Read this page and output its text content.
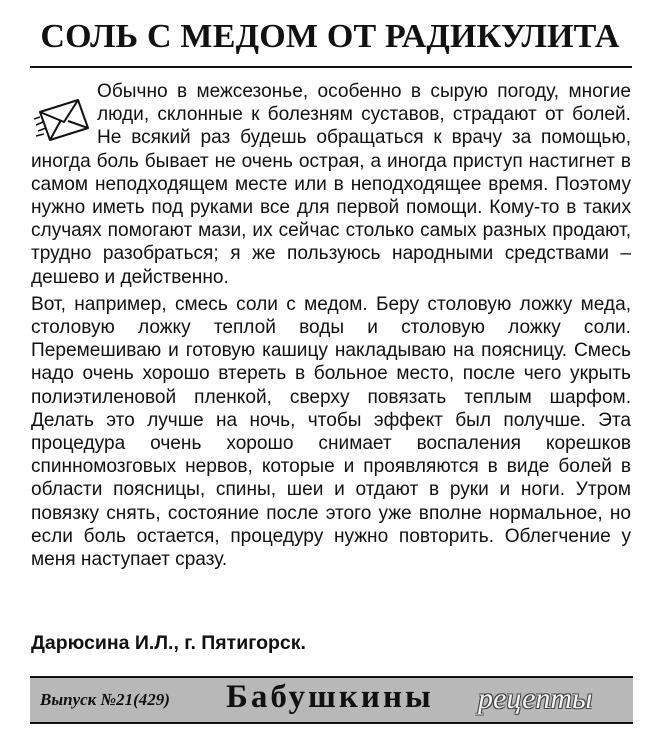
СОЛЬ С МЕДОМ ОТ РАДИКУЛИТА

Обычно в межсезонье, особенно в сырую погоду, многие люди, склонные к болезням суставов, страдают от болей. Не всякий раз будешь обращаться к врачу за помощью, иногда боль бывает не очень острая, а иногда приступ настигнет в самом неподходящем месте или в неподходящее время. Поэтому нужно иметь под руками все для первой помощи. Кому-то в таких случаях помогают мази, их сейчас столько самых разных продают, трудно разобраться; я же пользуюсь народными средствами – дешево и действенно.

Вот, например, смесь соли с медом. Беру столовую ложку меда, столовую ложку теплой воды и столовую ложку соли. Перемешиваю и готовую кашицу накладываю на поясницу. Смесь надо очень хорошо втереть в больное место, после чего укрыть полиэтиленовой пленкой, сверху повязать теплым шарфом. Делать это лучше на ночь, чтобы эффект был получше. Эта процедура очень хорошо снимает воспаления корешков спинномозговых нервов, которые и проявляются в виде болей в области поясницы, спины, шеи и отдают в руки и ноги. Утром повязку снять, состояние после этого уже вполне нормальное, но если боль остается, процедуру нужно повторить. Облегчение у меня наступает сразу.

Дарюсина И.Л., г. Пятигорск.
Выпуск №21(429) Бабушкины рецепты
